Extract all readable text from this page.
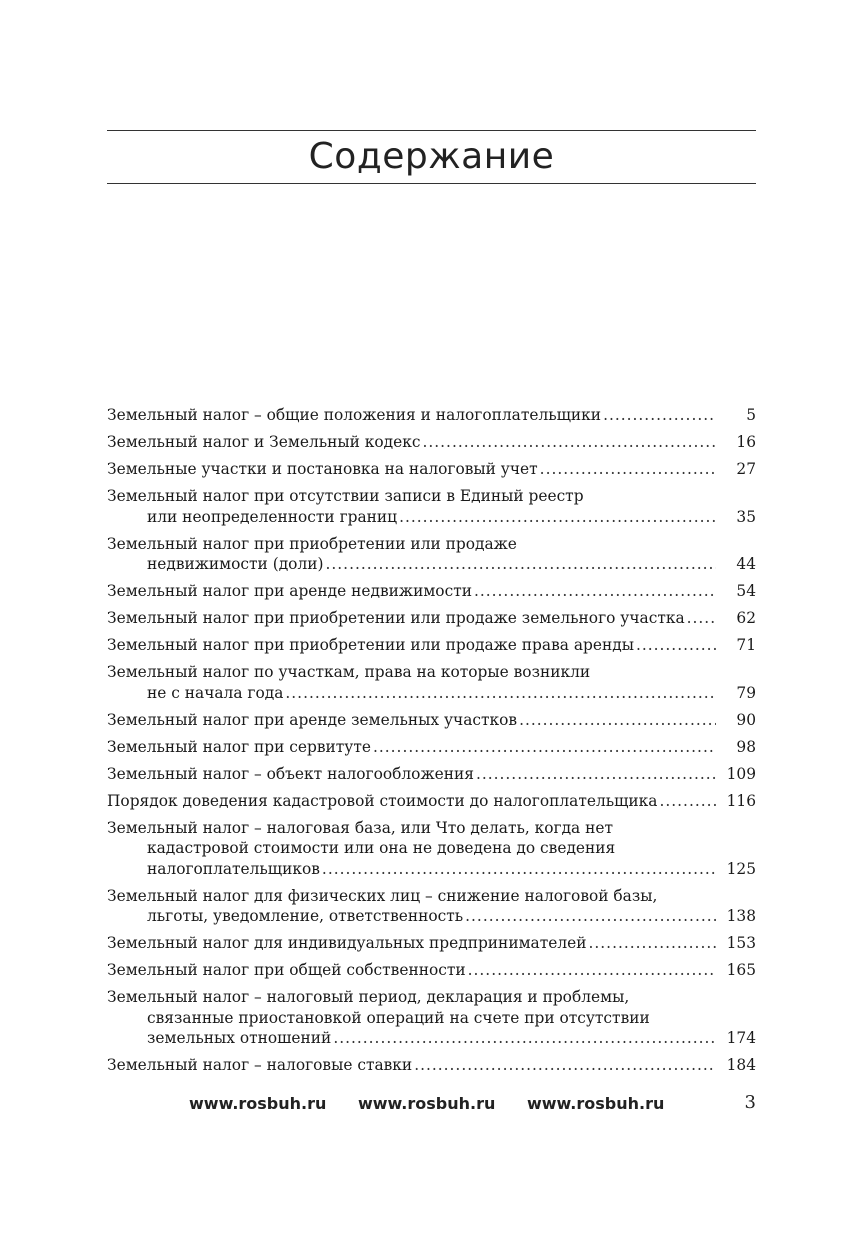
Содержание
Земельный налог – общие положения и налогоплательщики .....	5
Земельный налог и Земельный кодекс .....	16
Земельные участки и постановка на налоговый учет .....	27
Земельный налог при отсутствии записи в Единый реестр
или неопределенности границ .....	35
Земельный налог при приобретении или продаже
недвижимости (доли) .....	44
Земельный налог при аренде недвижимости .....	54
Земельный налог при приобретении или продаже земельного участка .....	62
Земельный налог при приобретении или продаже права аренды .....	71
Земельный налог по участкам, права на которые возникли
не с начала года .....	79
Земельный налог при аренде земельных участков .....	90
Земельный налог при сервитуте .....	98
Земельный налог – объект налогообложения .....	109
Порядок доведения кадастровой стоимости до налогоплательщика .....	116
Земельный налог – налоговая база, или Что делать, когда нет
кадастровой стоимости или она не доведена до сведения
налогоплательщиков .....	125
Земельный налог для физических лиц – снижение налоговой базы,
льготы, уведомление, ответственность .....	138
Земельный налог для индивидуальных предпринимателей .....	153
Земельный налог при общей собственности .....	165
Земельный налог – налоговый период, декларация и проблемы,
связанные приостановкой операций на счете при отсутствии
земельных отношений .....	174
Земельный налог – налоговые ставки .....	184
www.rosbuh.ru www.rosbuh.ru www.rosbuh.ru	3
